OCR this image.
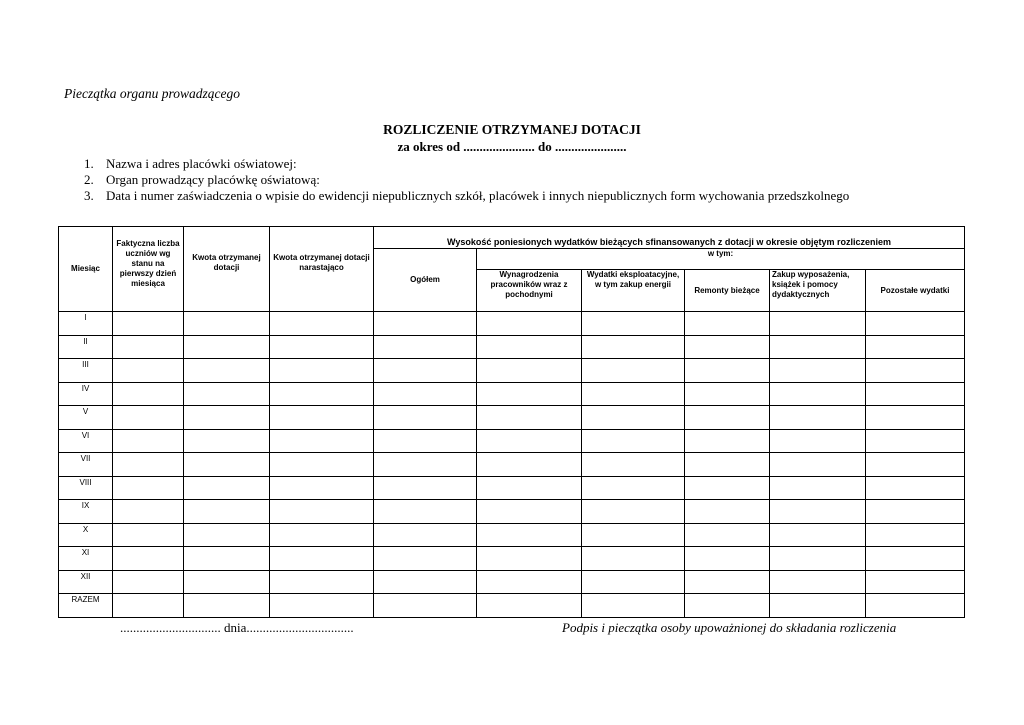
Pieczątka organu prowadzącego
ROZLICZENIE OTRZYMANEJ DOTACJI
za okres od ...................... do ......................
1. Nazwa i adres placówki oświatowej:
2. Organ prowadzący placówkę oświatową:
3. Data i numer zaświadczenia o wpisie do ewidencji niepublicznych szkół, placówek i innych niepublicznych form wychowania przedszkolnego
Miesiąc	Faktyczna liczba uczniów wg stanu na pierwszy dzień miesiąca	Kwota otrzymanej dotacji	Kwota otrzymanej dotacji narastająco	Wysokość poniesionych wydatków bieżących sfinansowanych z dotacji w okresie objętym rozliczeniem					
				Ogółem	w tym:				
					Wynagrodzenia pracowników wraz z pochodnymi	Wydatki eksploatacyjne, w tym zakup energii	Remonty bieżące	Zakup wyposażenia, książek i pomocy dydaktycznych	Pozostałe wydatki
I									
II									
III									
IV									
V									
VI									
VII									
VIII									
IX									
X									
XI									
XII									
RAZEM									
............................... dnia.................................	Podpis i pieczątka osoby upoważnionej do składania rozliczenia
